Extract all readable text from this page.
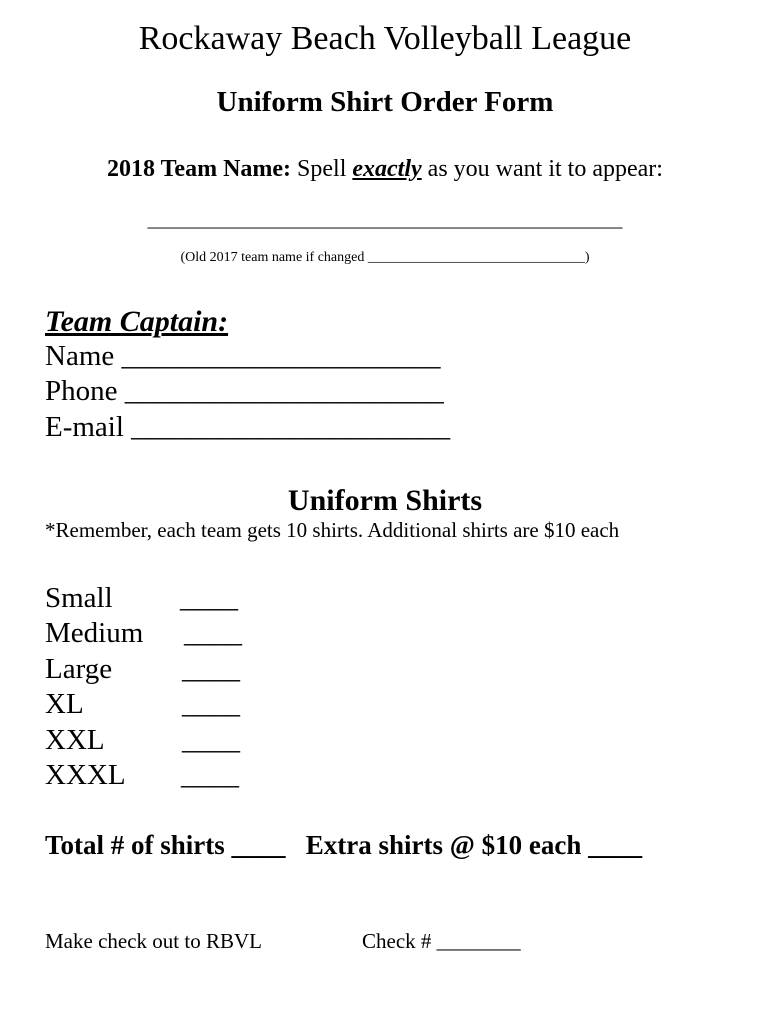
Rockaway Beach Volleyball League
Uniform Shirt Order Form
2018 Team Name: Spell exactly as you want it to appear:
__________________________________________________
(Old 2017 team name if changed _______________________________)
Team Captain:
Name ______________________
Phone ______________________
E-mail ______________________
Uniform Shirts
*Remember, each team gets 10 shirts. Additional shirts are $10 each
Small ____
Medium ____
Large ____
XL	____
XXL	____
XXXL ____
Total # of shirts ____   Extra shirts @ $10 each ____
Make check out to RBVL	Check # ________
